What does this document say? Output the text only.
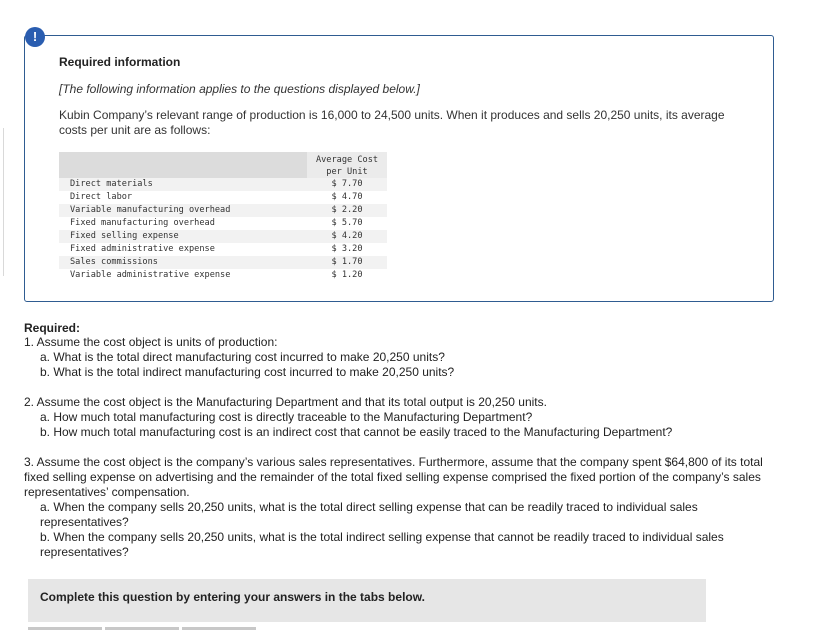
Required information
[The following information applies to the questions displayed below.]
Kubin Company’s relevant range of production is 16,000 to 24,500 units. When it produces and sells 20,250 units, its average costs per unit are as follows:
Average Cost
per Unit
Direct materials	$ 7.70
Direct labor	$ 4.70
Variable manufacturing overhead	$ 2.20
Fixed manufacturing overhead	$ 5.70
Fixed selling expense	$ 4.20
Fixed administrative expense	$ 3.20
Sales commissions	$ 1.70
Variable administrative expense	$ 1.20
!
Required:
1. Assume the cost object is units of production:
a. What is the total direct manufacturing cost incurred to make 20,250 units?
b. What is the total indirect manufacturing cost incurred to make 20,250 units?
2. Assume the cost object is the Manufacturing Department and that its total output is 20,250 units.
a. How much total manufacturing cost is directly traceable to the Manufacturing Department?
b. How much total manufacturing cost is an indirect cost that cannot be easily traced to the Manufacturing Department?
3. Assume the cost object is the company’s various sales representatives. Furthermore, assume that the company spent $64,800 of its total fixed selling expense on advertising and the remainder of the total fixed selling expense comprised the fixed portion of the company’s sales representatives’ compensation.
a. When the company sells 20,250 units, what is the total direct selling expense that can be readily traced to individual sales representatives?
b. When the company sells 20,250 units, what is the total indirect selling expense that cannot be readily traced to individual sales representatives?
Complete this question by entering your answers in the tabs below.
